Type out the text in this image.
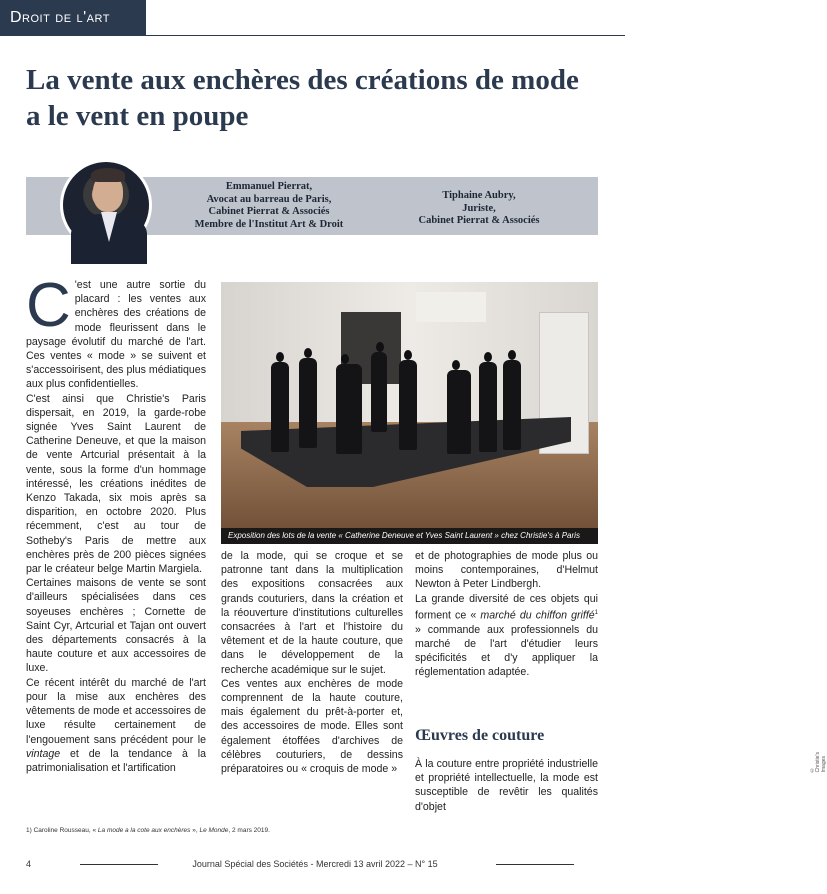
Droit de l'art
La vente aux enchères des créations de mode
a le vent en poupe
Emmanuel Pierrat,
Avocat au barreau de Paris,
Cabinet Pierrat & Associés
Membre de l'Institut Art & Droit
Tiphaine Aubry,
Juriste,
Cabinet Pierrat & Associés
C 'est une autre sortie du placard : les ventes aux enchères des créations de mode fleurissent dans le paysage évolutif du marché de l'art. Ces ventes « mode » se suivent et s'accessoirisent, des plus médiatiques aux plus confidentielles.

C'est ainsi que Christie's Paris dispersait, en 2019, la garde-robe signée Yves Saint Laurent de Catherine Deneuve, et que la maison de vente Artcurial présentait à la vente, sous la forme d'un hommage intéressé, les créations inédites de Kenzo Takada, six mois après sa disparition, en octobre 2020. Plus récemment, c'est au tour de Sotheby's Paris de mettre aux enchères près de 200 pièces signées par le créateur belge Martin Margiela.

Certaines maisons de vente se sont d'ailleurs spécialisées dans ces soyeuses enchères ; Cornette de Saint Cyr, Artcurial et Tajan ont ouvert des départements consacrés à la haute couture et aux accessoires de luxe.

Ce récent intérêt du marché de l'art pour la mise aux enchères des vêtements de mode et accessoires de luxe résulte certainement de l'engouement sans précédent pour le vintage et de la tendance à la patrimonialisation et l'artification	© Christie's Images
Exposition des lots de la vente « Catherine Deneuve et Yves Saint Laurent » chez Christie's à Paris

de la mode, qui se croque et se patronne tant dans la multiplication des expositions consacrées aux grands couturiers, dans la création et la réouverture d'institutions culturelles consacrées à l'art et l'histoire du vêtement et de la haute couture, que dans le développement de la recherche académique sur le sujet.

Ces ventes aux enchères de mode comprennent de la haute couture, mais également du prêt-à-porter et, des accessoires de mode. Elles sont également étoffées d'archives de célèbres couturiers, de dessins préparatoires ou « croquis de mode »

et de photographies de mode plus ou moins contemporaines, d'Helmut Newton à Peter Lindbergh.

La grande diversité de ces objets qui forment ce « marché du chiffon griffé$^1$ » commande aux professionnels du marché de l'art d'étudier leurs spécificités et d'y appliquer la réglementation adaptée.

Œuvres de couture

À la couture entre propriété industrielle et propriété intellectuelle, la mode est susceptible de revêtir les qualités d'objet

1) Caroline Rousseau, « La mode a la cote aux enchères », Le Monde, 2 mars 2019.
4	Journal Spécial des Sociétés - Mercredi 13 avril 2022 – N° 15
